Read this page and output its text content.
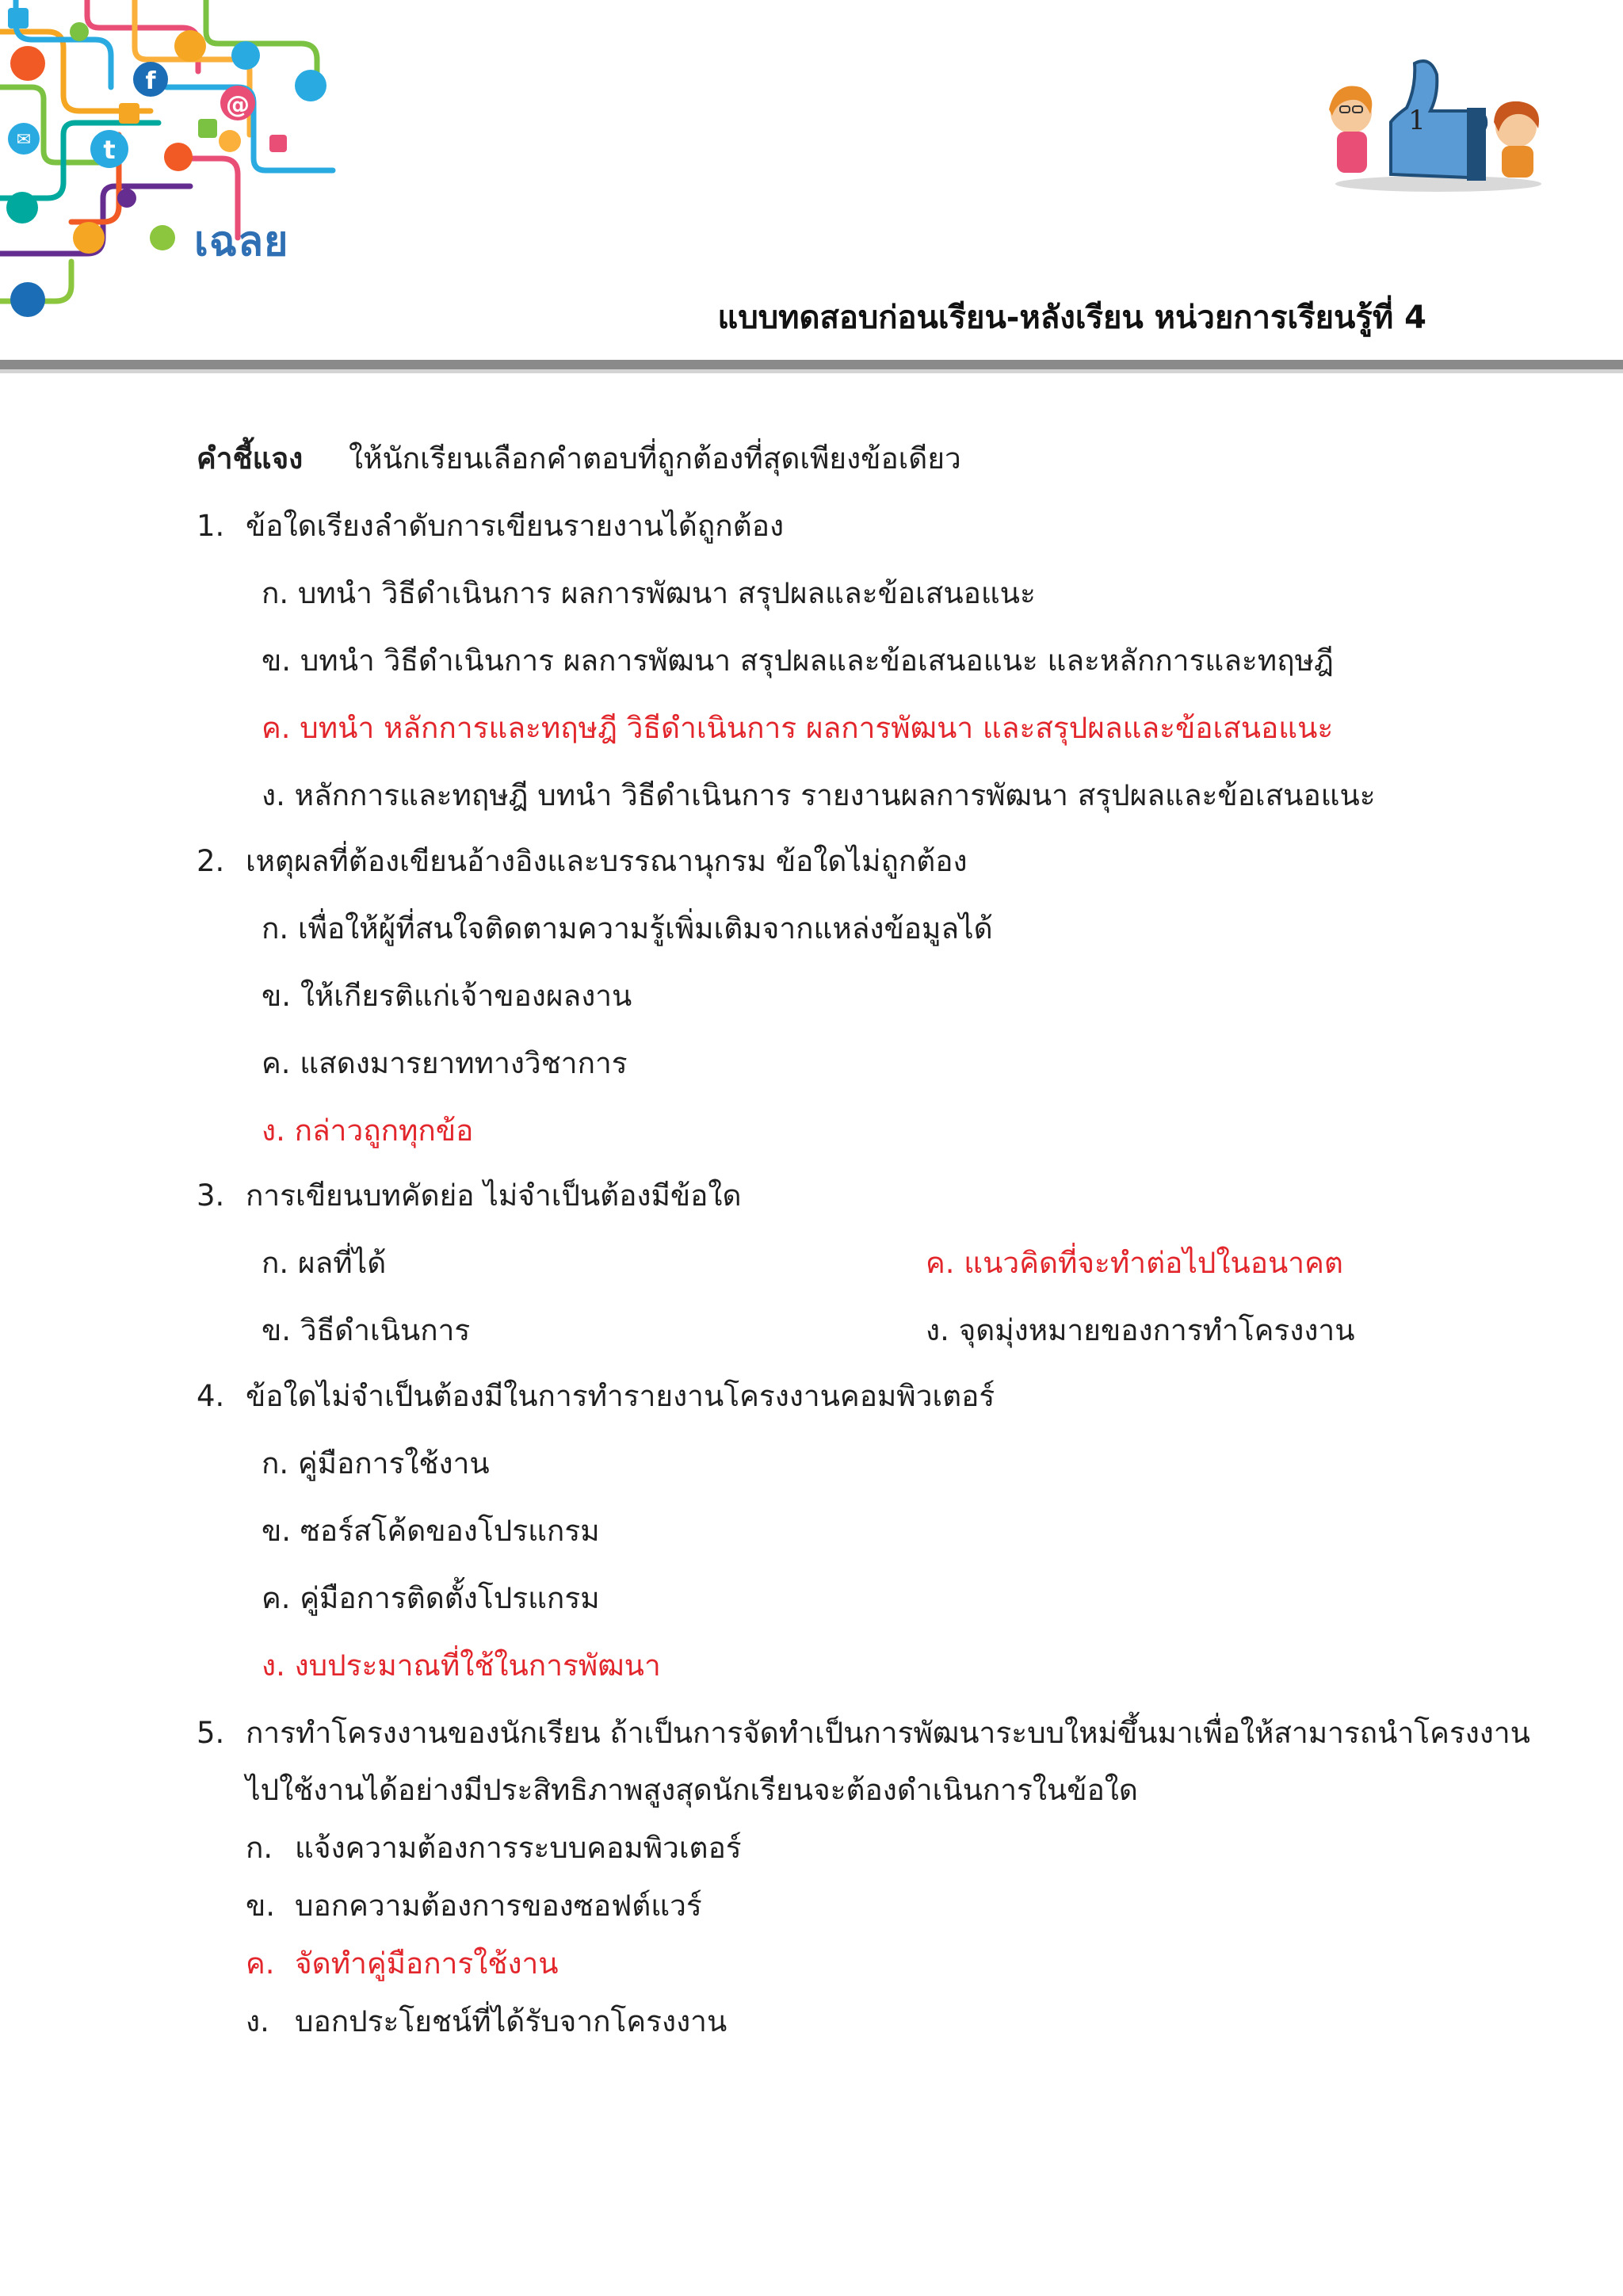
t
f
@
✉
เฉลย
1
แบบทดสอบก่อนเรียน-หลังเรียน หน่วยการเรียนรู้ที่ 4
คำชี้แจง ให้นักเรียนเลือกคำตอบที่ถูกต้องที่สุดเพียงข้อเดียว
1. ข้อใดเรียงลำดับการเขียนรายงานได้ถูกต้อง
ก. บทนำ วิธีดำเนินการ ผลการพัฒนา สรุปผลและข้อเสนอแนะ
ข. บทนำ วิธีดำเนินการ ผลการพัฒนา สรุปผลและข้อเสนอแนะ และหลักการและทฤษฎี
ค. บทนำ หลักการและทฤษฎี วิธีดำเนินการ ผลการพัฒนา และสรุปผลและข้อเสนอแนะ
ง. หลักการและทฤษฎี บทนำ วิธีดำเนินการ รายงานผลการพัฒนา สรุปผลและข้อเสนอแนะ
2. เหตุผลที่ต้องเขียนอ้างอิงและบรรณานุกรม ข้อใดไม่ถูกต้อง
ก. เพื่อให้ผู้ที่สนใจติดตามความรู้เพิ่มเติมจากแหล่งข้อมูลได้
ข. ให้เกียรติแก่เจ้าของผลงาน
ค. แสดงมารยาททางวิชาการ
ง. กล่าวถูกทุกข้อ
3. การเขียนบทคัดย่อ ไม่จำเป็นต้องมีข้อใด
ก. ผลที่ได้	ค. แนวคิดที่จะทำต่อไปในอนาคต
ข. วิธีดำเนินการ	ง. จุดมุ่งหมายของการทำโครงงาน
4. ข้อใดไม่จำเป็นต้องมีในการทำรายงานโครงงานคอมพิวเตอร์
ก. คู่มือการใช้งาน
ข. ซอร์สโค้ดของโปรแกรม
ค. คู่มือการติดตั้งโปรแกรม
ง. งบประมาณที่ใช้ในการพัฒนา
5. การทำโครงงานของนักเรียน ถ้าเป็นการจัดทำเป็นการพัฒนาระบบใหม่ขึ้นมาเพื่อให้สามารถนำโครงงาน
ไปใช้งานได้อย่างมีประสิทธิภาพสูงสุดนักเรียนจะต้องดำเนินการในข้อใด
ก. แจ้งความต้องการระบบคอมพิวเตอร์
ข. บอกความต้องการของซอฟต์แวร์
ค. จัดทำคู่มือการใช้งาน
ง. บอกประโยชน์ที่ได้รับจากโครงงาน
